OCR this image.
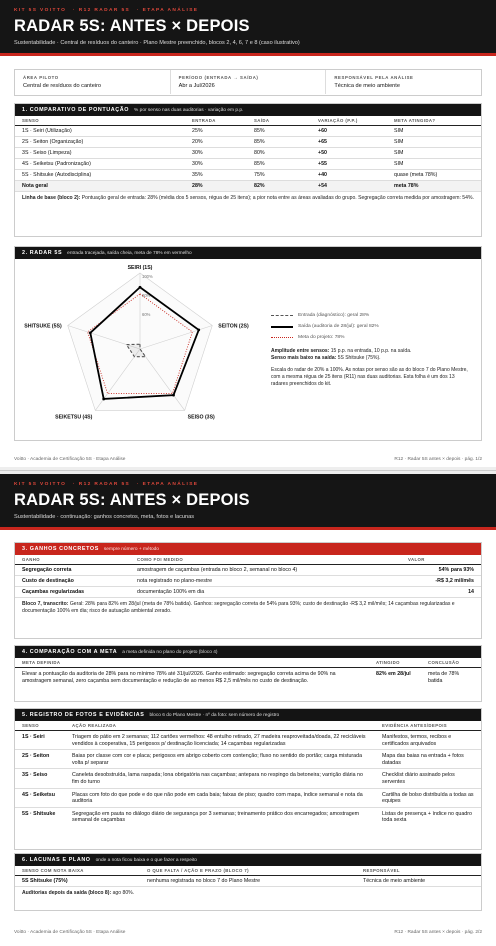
KIT 5S VOITTO · R12 RADAR 5S · ETAPA ANÁLISE
RADAR 5S: ANTES × DEPOIS
Sustentabilidade · Central de resíduos do canteiro · Plano Mestre preenchido, blocos 2, 4, 6, 7 e 8 (caso ilustrativo)
ÁREA PILOTO
Central de resíduos do canteiro
PERÍODO (ENTRADA → SAÍDA)
Abr a Jul/2026
RESPONSÁVEL PELA ANÁLISE
Técnica de meio ambiente
1. COMPARATIVO DE PONTUAÇÃO % por senso nas duas auditorias · variação em p.p.
SENSO	ENTRADA	SAÍDA	VARIAÇÃO (P.P.)	META ATINGIDA?
1S · Seiri (Utilização)	25%	85%	+60	SIM
2S · Seiton (Organização)	20%	85%	+65	SIM
3S · Seiso (Limpeza)	30%	80%	+50	SIM
4S · Seiketsu (Padronização)	30%	85%	+55	SIM
5S · Shitsuke (Autodisciplina)	35%	75%	+40	quase (meta 78%)
Nota geral	28%	82%	+54	meta 78%
Linha de base (bloco 2): Pontuação geral de entrada: 28% (média dos 5 sensos, régua de 25 itens); a pior nota entre as áreas avaliadas do grupo. Segregação correta medida por amostragem: 54%.
2. RADAR 5S entrada tracejada, saída cheia, meta de 78% em vermelho
60%
80%
100%
SEIRI (1S)
SEITON (2S)
SEISO (3S)
SEIKETSU (4S)
SHITSUKE (5S)
Entrada (diagnóstico): geral 28%
Saída (auditoria de 28/jul): geral 82%
Meta do projeto: 78%
Amplitude entre sensos: 15 p.p. na entrada, 10 p.p. na saída.
Senso mais baixo na saída: 5S Shitsuke (75%).
Escala do radar de 20% a 100%. As notas por senso são as do bloco 7 do Plano Mestre, com a mesma régua de 25 itens (R11) nas duas auditorias. Esta folha é um dos 13 radares preenchidos do kit.
Voitto · Academia de Certificação 5S · Etapa Análise	R12 · Radar 5S antes × depois · pág. 1/2
KIT 5S VOITTO · R12 RADAR 5S · ETAPA ANÁLISE
RADAR 5S: ANTES × DEPOIS
Sustentabilidade · continuação: ganhos concretos, meta, fotos e lacunas
3. GANHOS CONCRETOS sempre número + método
GANHO	COMO FOI MEDIDO	VALOR
Segregação correta	amostragem de caçambas (entrada no bloco 2, semanal no bloco 4)	54% para 93%
Custo de destinação	nota registrado no plano-mestre	-R$ 3,2 mil/mês
Caçambas regularizadas	documentação 100% em dia	14
Bloco 7, transcrito: Geral: 28% para 82% em 28/jul (meta de 78% batida). Ganhos: segregação correta de 54% para 93%; custo de destinação -R$ 3,2 mil/mês; 14 caçambas regularizadas e documentação 100% em dia; risco de autuação ambiental zerado.
4. COMPARAÇÃO COM A META a meta definida no plano do projeto (bloco 4)
META DEFINIDA	ATINGIDO	CONCLUSÃO
Elevar a pontuação da auditoria de 28% para no mínimo 78% até 31/jul/2026. Ganho estimado: segregação correta acima de 90% na amostragem semanal, zero caçamba sem documentação e redução de ao menos R$ 2,5 mil/mês no custo de destinação.	82% em 28/jul	meta de 78% batida
5. REGISTRO DE FOTOS E EVIDÊNCIAS bloco 6 do Plano Mestre · nº da foto: sem número de registro
SENSO	AÇÃO REALIZADA	EVIDÊNCIA ANTES/DEPOIS
1S · Seiri	Triagem do pátio em 2 semanas; 112 cartões vermelhos: 48 entulho retirado, 27 madeira reaproveitada/doada, 22 recicláveis vendidos à cooperativa, 15 perigosos p/ destinação licenciada; 14 caçambas regularizadas	Manifestos, termos, recibos e certificados arquivados
2S · Seiton	Baias por classe com cor e placa; perigosos em abrigo coberto com contenção; fluxo no sentido do portão; carga misturada volta p/ separar	Mapa das baias na entrada + fotos datadas
3S · Seiso	Caneleta desobstruída, lama raspada; lona obrigatória nas caçambas; antepara no respingo da betoneira; varrição diária no fim do turno	Checklist diário assinado pelos serventes
4S · Seiketsu	Placas com foto do que pode e do que não pode em cada baia; faixas de piso; quadro com mapa, índice semanal e nota da auditoria	Cartilha de bolso distribuída a todas as equipes
5S · Shitsuke	Segregação em pauta no diálogo diário de segurança por 3 semanas; treinamento prático dos encarregados; amostragem semanal de caçambas	Listas de presença + índice no quadro toda sexta
6. LACUNAS E PLANO onde a nota ficou baixa e o que fazer a respeito
SENSO COM NOTA BAIXA	O QUE FALTA / AÇÃO E PRAZO (BLOCO 7)	RESPONSÁVEL
5S Shitsuke (75%)	nenhuma registrada no bloco 7 do Plano Mestre	Técnica de meio ambiente
Auditorias depois da saída (bloco 8): ago 80%.
Voitto · Academia de Certificação 5S · Etapa Análise	R12 · Radar 5S antes × depois · pág. 2/2
